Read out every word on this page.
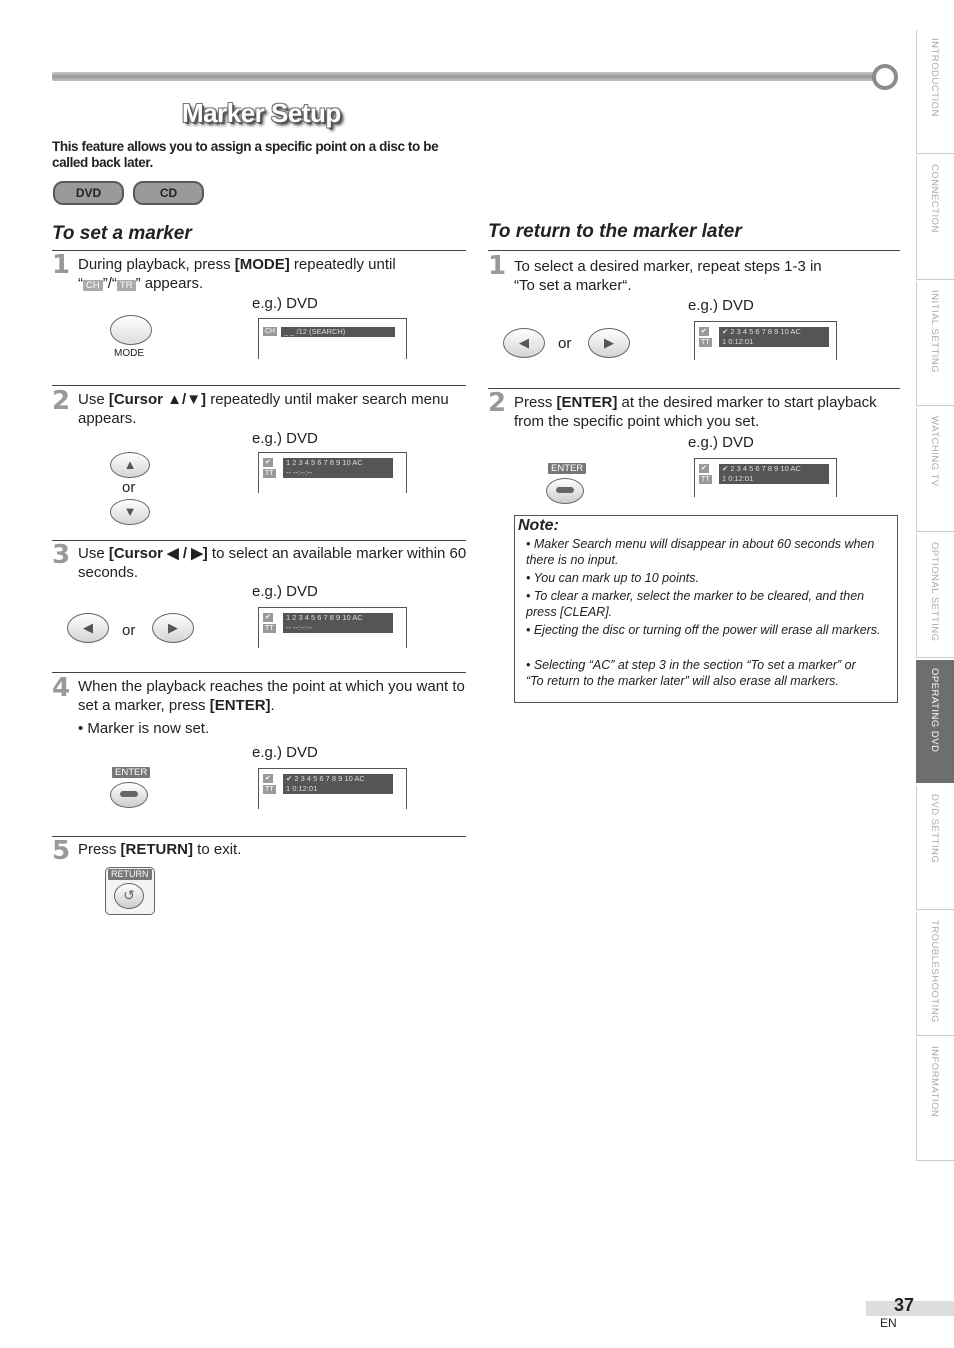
Marker Setup
This feature allows you to assign a specific point on a disc to be called back later.
DVD	CD
To set a marker
1 During playback, press [MODE] repeatedly until
“ CH ”/“ TR ” appears.
e.g.) DVD
MODE
CH	_ _ /12 (SEARCH)
2 Use [Cursor ▲/▼] repeatedly until maker search menu appears.
e.g.) DVD
▲
or
▼
✔
TT
1 2 3 4 5 6 7 8 9 10 AC
-- --:--:--
3 Use [Cursor ◀ / ▶] to select an available marker within 60 seconds.
e.g.) DVD
◀	or	▶
✔
TT
1 2 3 4 5 6 7 8 9 10 AC
-- --:--:--
4 When the playback reaches the point at which you want to set a marker, press [ENTER].
• Marker is now set.
e.g.) DVD
ENTER
✔
TT
✔ 2 3 4 5 6 7 8 9 10 AC
1 0:12:01
5 Press [RETURN] to exit.
RETURN
↺
To return to the marker later
1 To select a desired marker, repeat steps 1-3 in “To set a marker“.
e.g.) DVD
◀	or	▶
✔
TT
✔ 2 3 4 5 6 7 8 9 10 AC
1 0:12:01
2 Press [ENTER] at the desired marker to start playback from the specific point which you set.
e.g.) DVD
ENTER	✔
TT
✔ 2 3 4 5 6 7 8 9 10 AC
1 0:12:01
Note:
• Maker Search menu will disappear in about 60 seconds when there is no input.
• You can mark up to 10 points.
• To clear a marker, select the marker to be cleared, and then press [CLEAR].
• Ejecting the disc or turning off the power will erase all markers.
• Selecting “AC” at step 3 in the section “To set a marker” or “To return to the marker later” will also erase all markers.
INTRODUCTION
CONNECTION
INITIAL SETTING
WATCHING TV
OPTIONAL SETTING
OPERATING DVD
DVD SETTING
TROUBLESHOOTING
INFORMATION
37
EN
